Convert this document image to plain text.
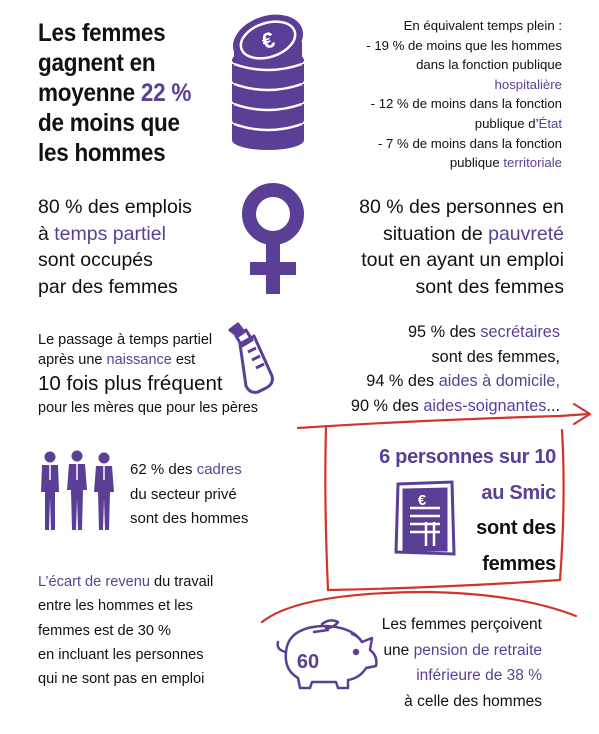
Les femmes
gagnent en
moyenne 22 %
de moins que
les hommes
€
En équivalent temps plein :
- 19 % de moins que les hommes
dans la fonction publique
hospitalière
- 12 % de moins dans la fonction
publique d’État
- 7 % de moins dans la fonction
publique territoriale
80 % des emplois
à temps partiel
sont occupés
par des femmes
80 % des personnes en
situation de pauvreté
tout en ayant un emploi
sont des femmes
Le passage à temps partiel
après une naissance est
10 fois plus fréquent
pour les mères que pour les pères
95 % des secrétaires
sont des femmes,
94 % des aides à domicile,
90 % des aides-soignantes...
62 % des cadres
du secteur privé
sont des hommes
€
6 personnes sur 10
au Smic
sont des
femmes
L’écart de revenu du travail
entre les hommes et les
femmes est de 30 %
en incluant les personnes
qui ne sont pas en emploi
60
Les femmes perçoivent
une pension de retraite
inférieure de 38 %
à celle des hommes
